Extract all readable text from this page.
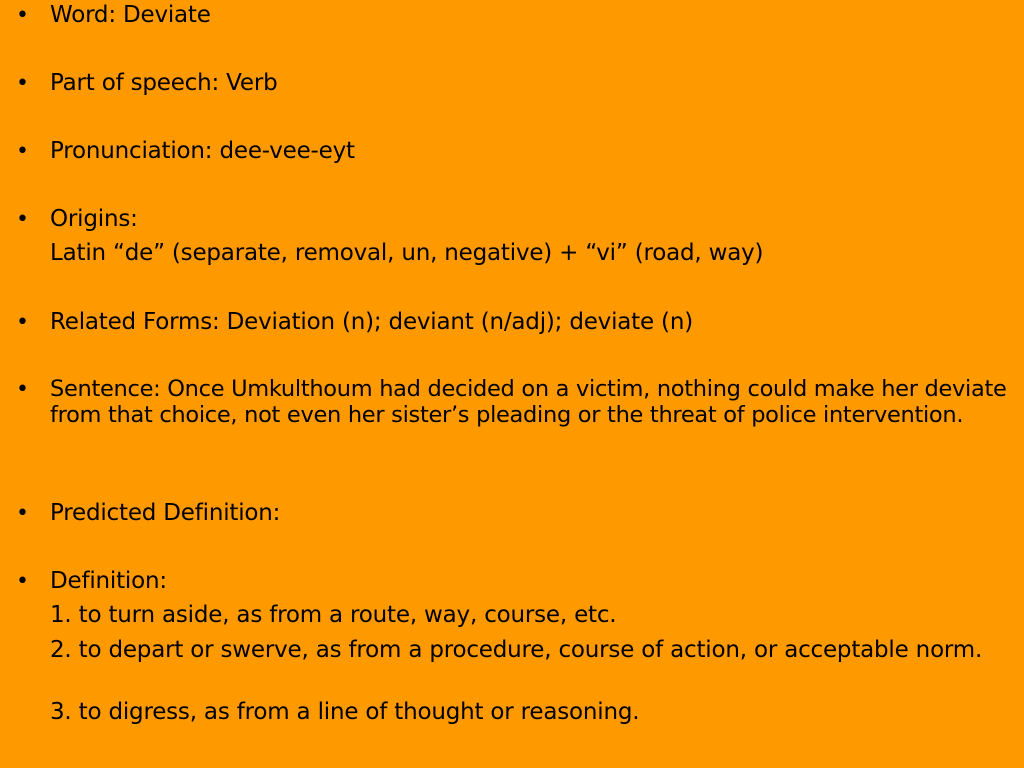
• Word: Deviate
• Part of speech: Verb
• Pronunciation: dee-vee-eyt
• Origins:
Latin “de” (separate, removal, un, negative) + “vi” (road, way)
• Related Forms: Deviation (n); deviant (n/adj); deviate (n)
• Sentence: Once Umkulthoum had decided on a victim, nothing could make her deviate from that choice, not even her sister’s pleading or the threat of police intervention.
• Predicted Definition:
• Definition:
1. to turn aside, as from a route, way, course, etc.
2. to depart or swerve, as from a procedure, course of action, or acceptable norm.
3. to digress, as from a line of thought or reasoning.
